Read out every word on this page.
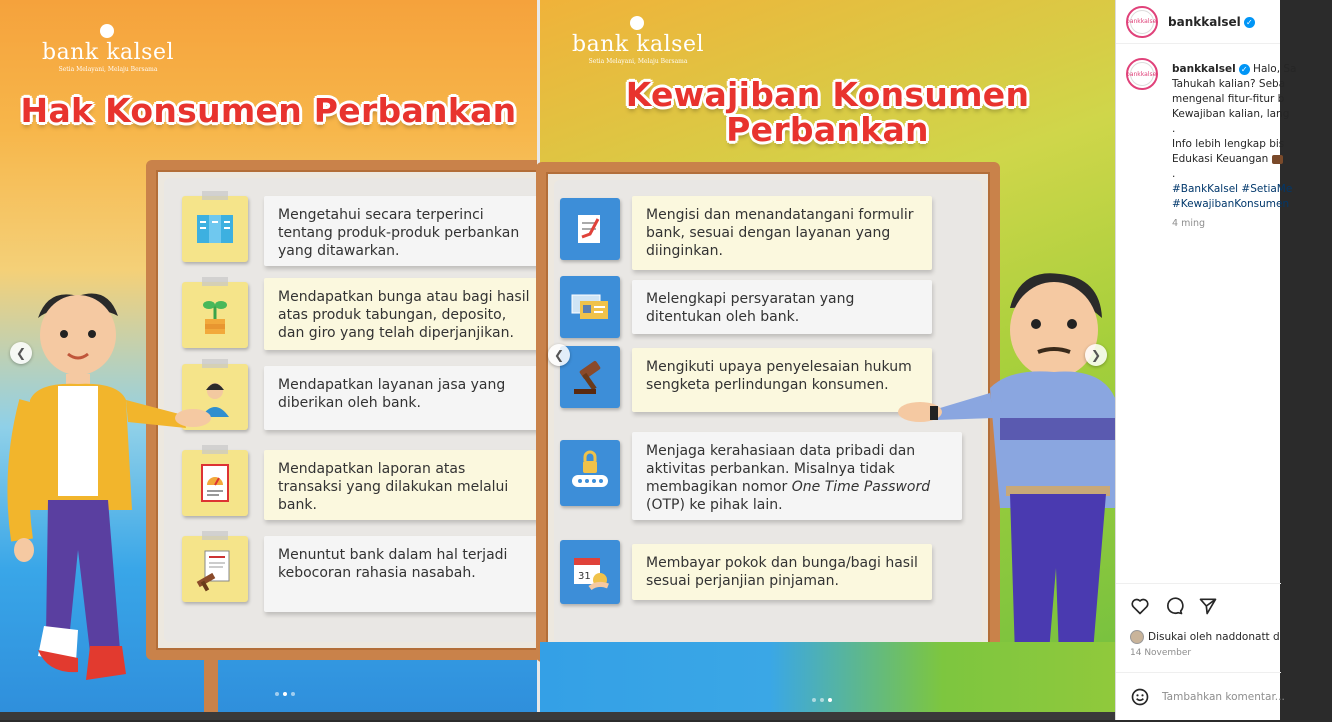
bank kalsel
Setia Melayani, Melaju Bersama
Hak Konsumen Perbankan
Mengetahui secara terperinci tentang produk-produk perbankan yang ditawarkan.
Mendapatkan bunga atau bagi hasil atas produk tabungan, deposito, dan giro yang telah diperjanjikan.
Mendapatkan layanan jasa yang diberikan oleh bank.
Mendapatkan laporan atas transaksi yang dilakukan melalui bank.
Menuntut bank dalam hal terjadi kebocoran rahasia nasabah.
❮
bank kalsel
Setia Melayani, Melaju Bersama
Kewajiban Konsumen
Perbankan
Mengisi dan menandatangani formulir bank, sesuai dengan layanan yang diinginkan.
Melengkapi persyaratan yang ditentukan oleh bank.
Mengikuti upaya penyelesaian hukum sengketa perlindungan konsumen.
Menjaga kerahasiaan data pribadi dan aktivitas perbankan. Misalnya tidak membagikan nomor One Time Password (OTP) ke pihak lain.
31
Membayar pokok dan bunga/bagi hasil sesuai perjanjian pinjaman.
❮	❯
bankkalsel bankkalsel ✓
bankkalsel bankkalsel ✓ Halo, Sa
Tahukah kalian? Seba
mengenal fitur-fitur b
Kewajiban kalian, lang
.
Info lebih lengkap bis
Edukasi Keuangan
.
#BankKalsel #SetiaMe
#KewajibanKonsumen
4 ming
Disukai oleh naddonatt d
14 November
Tambahkan komentar...
